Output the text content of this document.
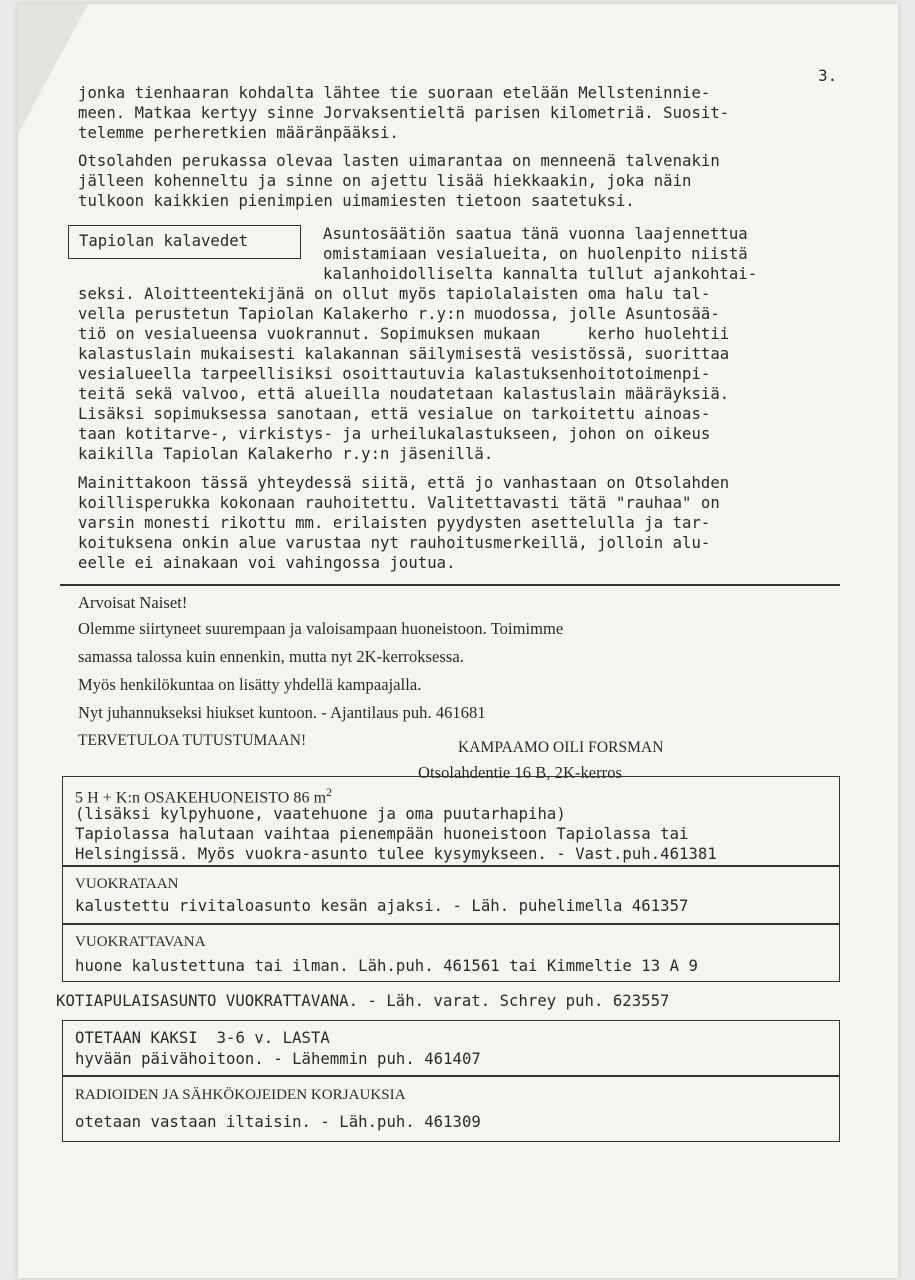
3.
jonka tienhaaran kohdalta lähtee tie suoraan etelään Mellsteninnie-
meen. Matkaa kertyy sinne Jorvaksentieltä parisen kilometriä. Suosit-
telemme perheretkien määränpääksi.
Otsolahden perukassa olevaa lasten uimarantaa on menneenä talvenakin
jälleen kohenneltu ja sinne on ajettu lisää hiekkaakin, joka näin
tulkoon kaikkien pienimpien uimamiesten tietoon saatetuksi.
Tapiolan kalavedet	Asuntosäätiön saatua tänä vuonna laajennettua
omistamiaan vesialueita, on huolenpito niistä
kalanhoidolliselta kannalta tullut ajankohtai-
seksi. Aloitteentekijänä on ollut myös tapiolalaisten oma halu tal-
vella perustetun Tapiolan Kalakerho r.y:n muodossa, jolle Asuntosää-
tiö on vesialueensa vuokrannut. Sopimuksen mukaan     kerho huolehtii
kalastuslain mukaisesti kalakannan säilymisestä vesistössä, suorittaa
vesialueella tarpeellisiksi osoittautuvia kalastuksenhoitotoimenpi-
teitä sekä valvoo, että alueilla noudatetaan kalastuslain määräyksiä.
Lisäksi sopimuksessa sanotaan, että vesialue on tarkoitettu ainoas-
taan kotitarve-, virkistys- ja urheilukalastukseen, johon on oikeus
kaikilla Tapiolan Kalakerho r.y:n jäsenillä.
Mainittakoon tässä yhteydessä siitä, että jo vanhastaan on Otsolahden
koillisperukka kokonaan rauhoitettu. Valitettavasti tätä "rauhaa" on
varsin monesti rikottu mm. erilaisten pyydysten asettelulla ja tar-
koituksena onkin alue varustaa nyt rauhoitusmerkeillä, jolloin alu-
eelle ei ainakaan voi vahingossa joutua.
Arvoisat Naiset!
Olemme siirtyneet suurempaan ja valoisampaan huoneistoon. Toimimme
samassa talossa kuin ennenkin, mutta nyt 2K-kerroksessa.
Myös henkilökuntaa on lisätty yhdellä kampaajalla.
Nyt juhannukseksi hiukset kuntoon. - Ajantilaus puh. 461681
TERVETULOA TUTUSTUMAAN!	KAMPAAMO OILI FORSMAN
Otsolahdentie 16 B, 2K-kerros
5 H + K:n OSAKEHUONEISTO 86 $m^2$
(lisäksi kylpyhuone, vaatehuone ja oma puutarhapiha)
Tapiolassa halutaan vaihtaa pienempään huoneistoon Tapiolassa tai
Helsingissä. Myös vuokra-asunto tulee kysymykseen. - Vast.puh.461381
VUOKRATAAN
kalustettu rivitaloasunto kesän ajaksi. - Läh. puhelimella 461357
VUOKRATTAVANA
huone kalustettuna tai ilman. Läh.puh. 461561 tai Kimmeltie 13 A 9
KOTIAPULAISASUNTO VUOKRATTAVANA. - Läh. varat. Schrey puh. 623557
OTETAAN KAKSI  3-6 v. LASTA
hyvään päivähoitoon. - Lähemmin puh. 461407
RADIOIDEN JA SÄHKÖKOJEIDEN KORJAUKSIA
otetaan vastaan iltaisin. - Läh.puh. 461309
